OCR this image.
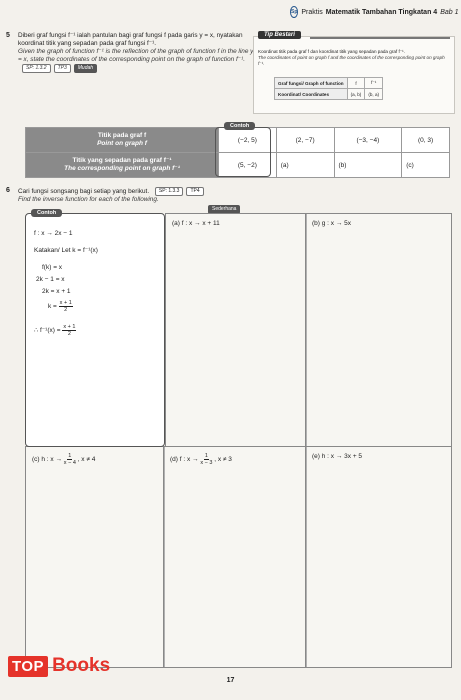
Sp Praktis Matematik Tambahan Tingkatan 4 Bab 1
5 Diberi graf fungsi f⁻¹ ialah pantulan bagi graf fungsi f pada garis y = x, nyatakan koordinat titik yang sepadan pada graf fungsi f⁻¹.
Given the graph of function f⁻¹ is the reflection of the graph of function f in the line y = x, state the coordinates of the corresponding point on the graph of function f⁻¹.
SP: 1.3.2	TP3	Mudah
Tip Bestari
Koordinat titik pada graf f dan koordinat titik yang sepadan pada graf f⁻¹.
The coordinates of point on graph f and the coordinates of the corresponding point on graph f⁻¹.
Graf fungsi/ Graph of function	f	f⁻¹
Koordinat/ Coordinates	(a, b)	(b, a)
Titik pada graf f
Point on graph f	(−2, 5)	(2, −7)	(−3, −4)	(0, 3)

Titik yang sepadan pada graf f⁻¹
The corresponding point on graph f⁻¹	(5, −2)	(a)	(b)	(c)
Contoh
6 Cari fungsi songsang bagi setiap yang berikut.	SP: 1.3.3	TP4
Find the inverse function for each of the following.
Sederhana
(a) f : x → x + 11	(b) g : x → 5x
(c) h : $x \to \frac{1}{x - 4}$ , x ≠ 4	(d) f : $x \to \frac{1}{x - 3}$ , x ≠ 3	(e) h : x → 3x + 5
f : x → 2x − 1
Katakan/ Let k = f⁻¹(x)
f(k) = x
2k − 1 = x
2k = x + 1
$k = \frac{x + 1}{2}$
∴ $f^{-1}(x) = \frac{x + 1}{2}$
Contoh
17
TOP Books
